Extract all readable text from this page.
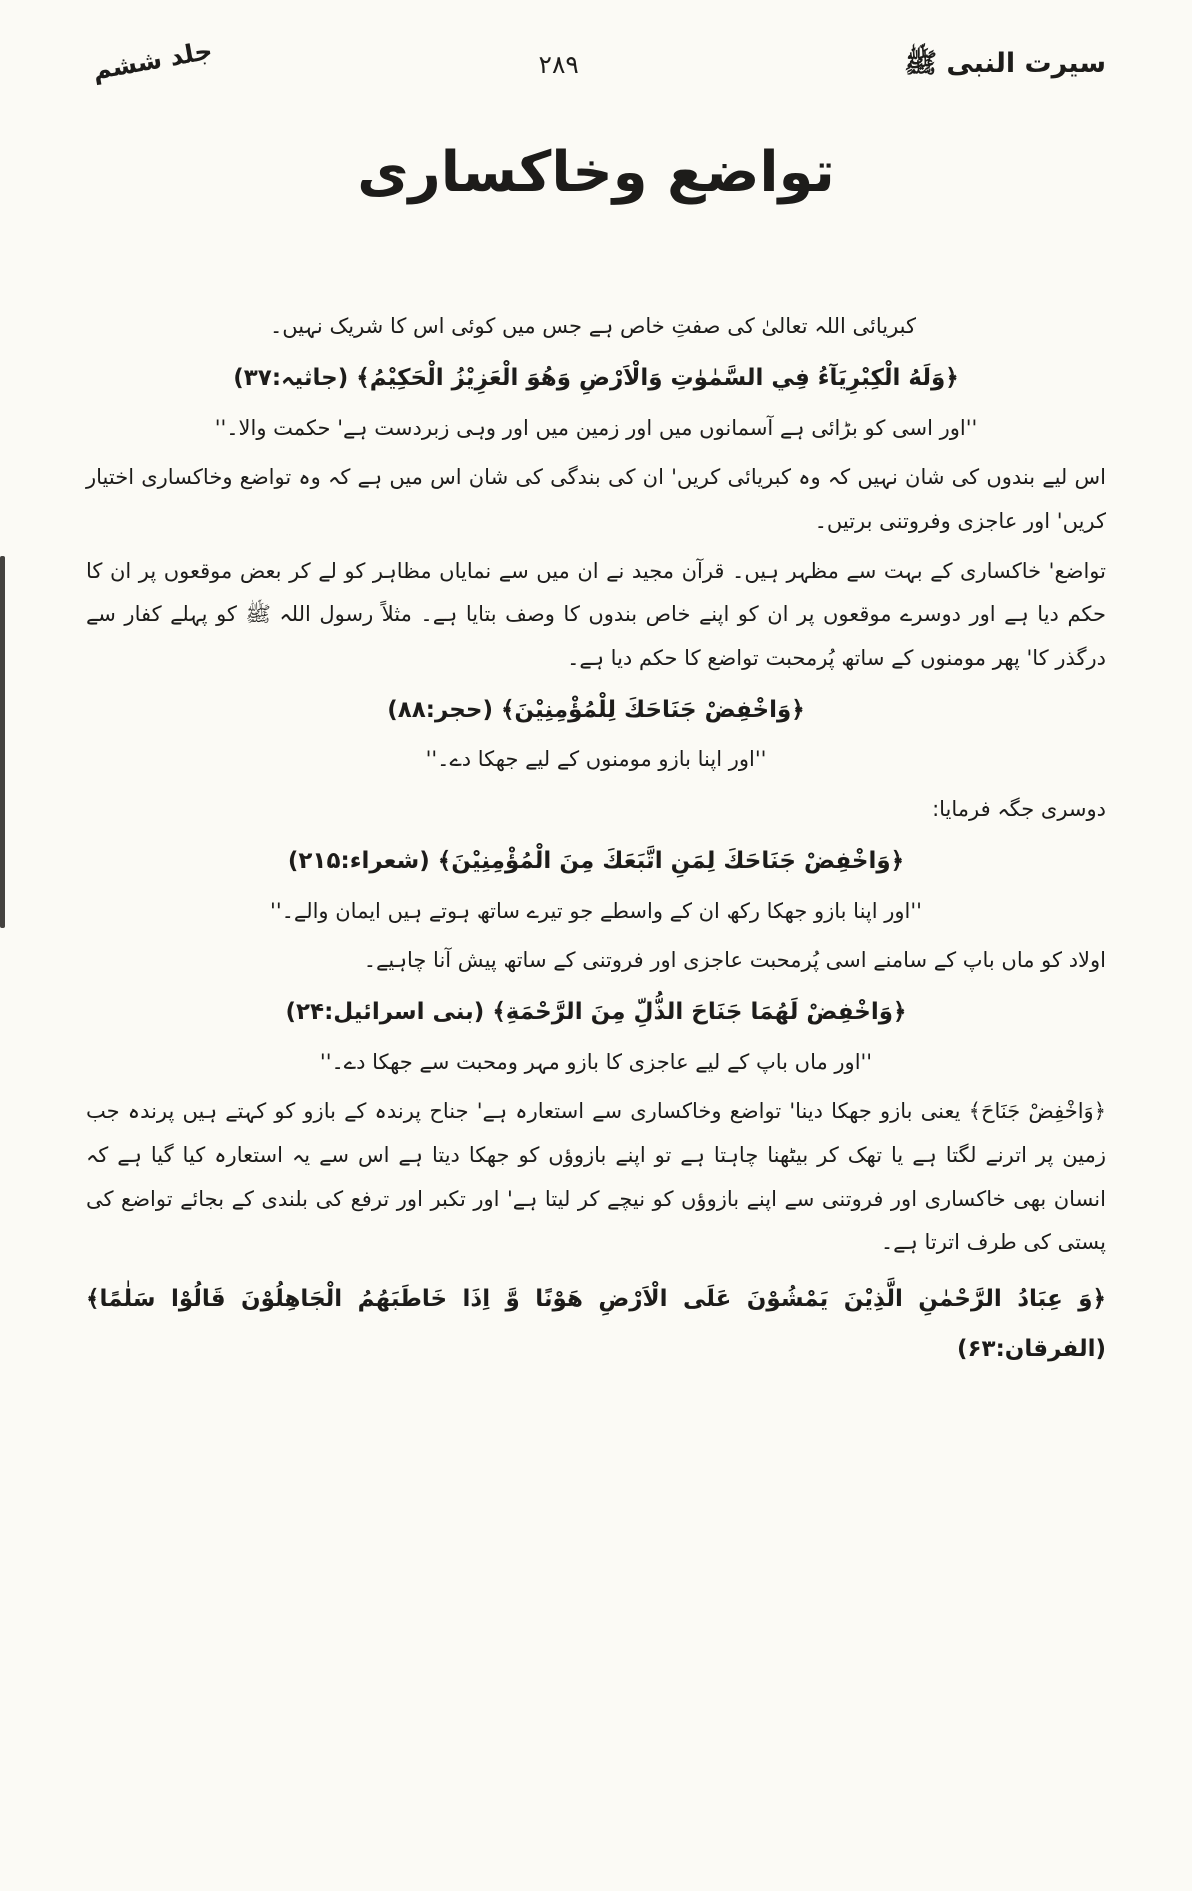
سیرت النبی ﷺ
۲۸۹
جلد ششم
تواضع وخاکساری

کبریائی اللہ تعالیٰ کی صفتِ خاص ہے جس میں کوئی اس کا شریک نہیں۔

﴿وَلَهُ الْكِبْرِيَآءُ فِي السَّمٰوٰتِ وَالْاَرْضِ وَهُوَ الْعَزِيْزُ الْحَكِيْمُ﴾ (جاثیہ:۳۷)

''اور اسی کو بڑائی ہے آسمانوں میں اور زمین میں اور وہی زبردست ہے' حکمت والا۔''

اس لیے بندوں کی شان نہیں کہ وہ کبریائی کریں' ان کی بندگی کی شان اس میں ہے کہ وہ تواضع وخاکساری اختیار کریں' اور عاجزی وفروتنی برتیں۔

تواضع' خاکساری کے بہت سے مظہر ہیں۔ قرآن مجید نے ان میں سے نمایاں مظاہر کو لے کر بعض موقعوں پر ان کا حکم دیا ہے اور دوسرے موقعوں پر ان کو اپنے خاص بندوں کا وصف بتایا ہے۔ مثلاً رسول اللہ ﷺ کو پہلے کفار سے درگذر کا' پھر مومنوں کے ساتھ پُرمحبت تواضع کا حکم دیا ہے۔

﴿وَاخْفِضْ جَنَاحَكَ لِلْمُؤْمِنِيْنَ﴾ (حجر:۸۸)

''اور اپنا بازو مومنوں کے لیے جھکا دے۔''

دوسری جگہ فرمایا:

﴿وَاخْفِضْ جَنَاحَكَ لِمَنِ اتَّبَعَكَ مِنَ الْمُؤْمِنِيْنَ﴾ (شعراء:۲۱۵)

''اور اپنا بازو جھکا رکھ ان کے واسطے جو تیرے ساتھ ہوتے ہیں ایمان والے۔''

اولاد کو ماں باپ کے سامنے اسی پُرمحبت عاجزی اور فروتنی کے ساتھ پیش آنا چاہیے۔

﴿وَاخْفِضْ لَهُمَا جَنَاحَ الذُّلِّ مِنَ الرَّحْمَةِ﴾ (بنی اسرائیل:۲۴)

''اور ماں باپ کے لیے عاجزی کا بازو مہر ومحبت سے جھکا دے۔''

﴿وَاخْفِضْ جَنَاحَ﴾ یعنی بازو جھکا دینا' تواضع وخاکساری سے استعارہ ہے' جناح پرندہ کے بازو کو کہتے ہیں پرندہ جب زمین پر اترنے لگتا ہے یا تھک کر بیٹھنا چاہتا ہے تو اپنے بازوؤں کو جھکا دیتا ہے اس سے یہ استعارہ کیا گیا ہے کہ انسان بھی خاکساری اور فروتنی سے اپنے بازوؤں کو نیچے کر لیتا ہے' اور تکبر اور ترفع کی بلندی کے بجائے تواضع کی پستی کی طرف اترتا ہے۔

﴿وَ عِبَادُ الرَّحْمٰنِ الَّذِيْنَ يَمْشُوْنَ عَلَى الْاَرْضِ هَوْنًا وَّ اِذَا خَاطَبَهُمُ الْجَاهِلُوْنَ قَالُوْا سَلٰمًا﴾ (الفرقان:۶۳)
